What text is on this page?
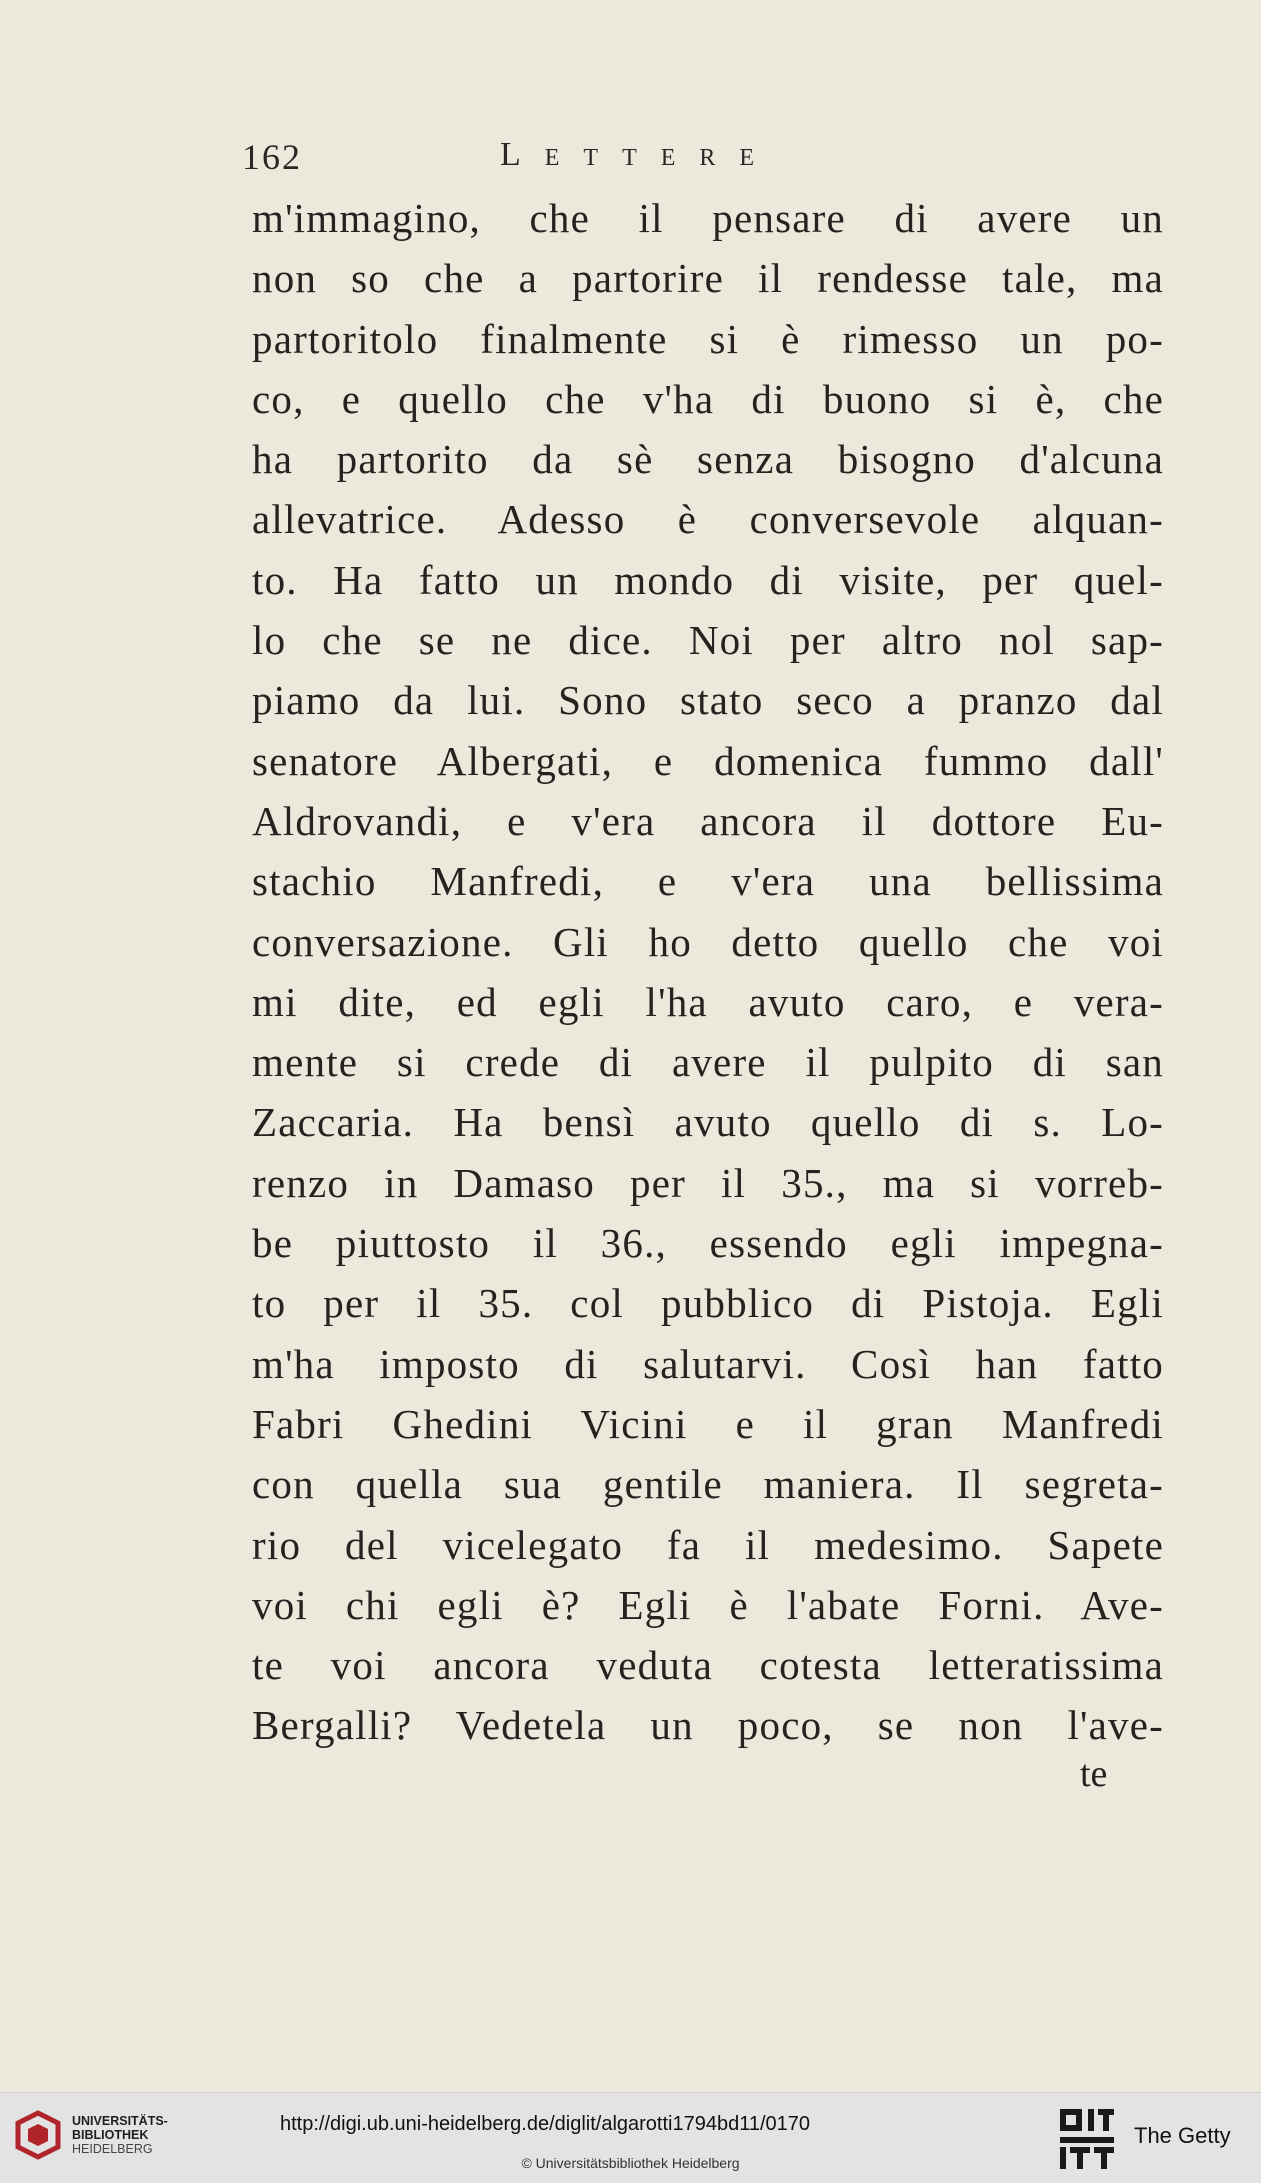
162	Lettere
m'immagino, che il pensare di avere un
non so che a partorire il rendesse tale, ma
partoritolo finalmente si è rimesso un po-
co, e quello che v'ha di buono si è, che
ha partorito da sè senza bisogno d'alcuna
allevatrice. Adesso è conversevole alquan-
to. Ha fatto un mondo di visite, per quel-
lo che se ne dice. Noi per altro nol sap-
piamo da lui. Sono stato seco a pranzo dal
senatore Albergati, e domenica fummo dall'
Aldrovandi, e v'era ancora il dottore Eu-
stachio Manfredi, e v'era una bellissima
conversazione. Gli ho detto quello che voi
mi dite, ed egli l'ha avuto caro, e vera-
mente si crede di avere il pulpito di san
Zaccaria. Ha bensì avuto quello di s. Lo-
renzo in Damaso per il 35., ma si vorreb-
be piuttosto il 36., essendo egli impegna-
to per il 35. col pubblico di Pistoja. Egli
m'ha imposto di salutarvi. Così han fatto
Fabri Ghedini Vicini e il gran Manfredi
con quella sua gentile maniera. Il segreta-
rio del vicelegato fa il medesimo. Sapete
voi chi egli è? Egli è l'abate Forni. Ave-
te voi ancora veduta cotesta letteratissima
Bergalli? Vedetela un poco, se non l'ave-
te
UNIVERSITÄTS-
BIBLIOTHEK
HEIDELBERG
http://digi.ub.uni-heidelberg.de/diglit/algarotti1794bd11/0170
© Universitätsbibliothek Heidelberg
The Getty
